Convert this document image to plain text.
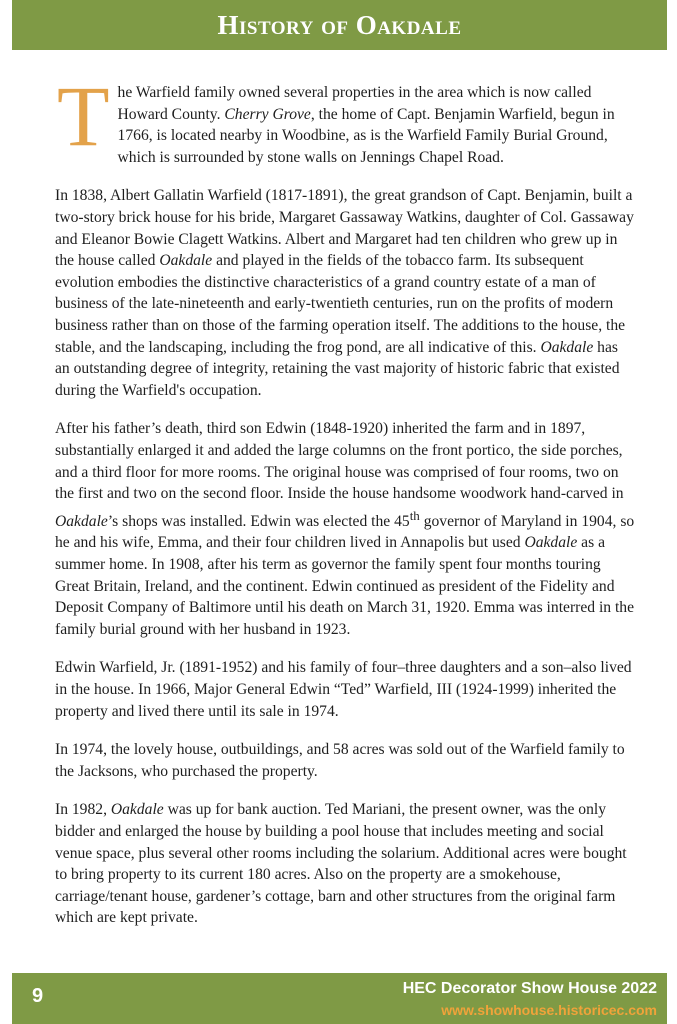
History of Oakdale

The Warfield family owned several properties in the area which is now called Howard County. Cherry Grove, the home of Capt. Benjamin Warfield, begun in 1766, is located nearby in Woodbine, as is the Warfield Family Burial Ground, which is surrounded by stone walls on Jennings Chapel Road.

In 1838, Albert Gallatin Warfield (1817-1891), the great grandson of Capt. Benjamin, built a two-story brick house for his bride, Margaret Gassaway Watkins, daughter of Col. Gassaway and Eleanor Bowie Clagett Watkins. Albert and Margaret had ten children who grew up in the house called Oakdale and played in the fields of the tobacco farm. Its subsequent evolution embodies the distinctive characteristics of a grand country estate of a man of business of the late-nineteenth and early-twentieth centuries, run on the profits of modern business rather than on those of the farming operation itself. The additions to the house, the stable, and the landscaping, including the frog pond, are all indicative of this. Oakdale has an outstanding degree of integrity, retaining the vast majority of historic fabric that existed during the Warfield's occupation.

After his father’s death, third son Edwin (1848-1920) inherited the farm and in 1897, substantially enlarged it and added the large columns on the front portico, the side porches, and a third floor for more rooms. The original house was comprised of four rooms, two on the first and two on the second floor. Inside the house handsome woodwork hand-carved in Oakdale’s shops was installed. Edwin was elected the 45th governor of Maryland in 1904, so he and his wife, Emma, and their four children lived in Annapolis but used Oakdale as a summer home. In 1908, after his term as governor the family spent four months touring Great Britain, Ireland, and the continent. Edwin continued as president of the Fidelity and Deposit Company of Baltimore until his death on March 31, 1920. Emma was interred in the family burial ground with her husband in 1923.

Edwin Warfield, Jr. (1891-1952) and his family of four–three daughters and a son–also lived in the house. In 1966, Major General Edwin “Ted” Warfield, III (1924-1999) inherited the property and lived there until its sale in 1974.

In 1974, the lovely house, outbuildings, and 58 acres was sold out of the Warfield family to the Jacksons, who purchased the property.

In 1982, Oakdale was up for bank auction. Ted Mariani, the present owner, was the only bidder and enlarged the house by building a pool house that includes meeting and social venue space, plus several other rooms including the solarium. Additional acres were bought to bring property to its current 180 acres. Also on the property are a smokehouse, carriage/tenant house, gardener’s cottage, barn and other structures from the original farm which are kept private.

9	HEC Decorator Show House 2022
www.showhouse.historicec.com
